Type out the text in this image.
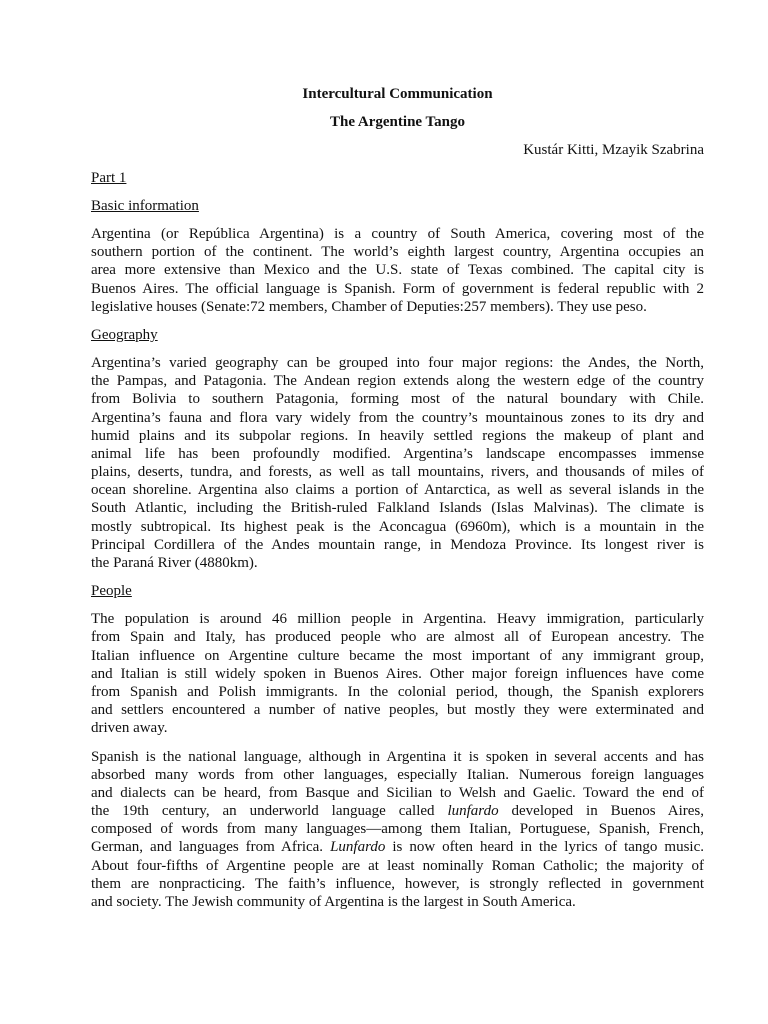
Intercultural Communication
The Argentine Tango
Kustár Kitti, Mzayik Szabrina
Part 1
Basic information
Argentina (or República Argentina) is a country of South America, covering most of the
southern portion of the continent. The world’s eighth largest country, Argentina occupies an
area more extensive than Mexico and the U.S. state of Texas combined. The capital city is
Buenos Aires. The official language is Spanish. Form of government is federal republic with 2
legislative houses (Senate:72 members, Chamber of Deputies:257 members). They use peso.
Geography
Argentina’s varied geography can be grouped into four major regions: the Andes, the North,
the Pampas, and Patagonia. The Andean region extends along the western edge of the country
from Bolivia to southern Patagonia, forming most of the natural boundary with Chile.
Argentina’s fauna and flora vary widely from the country’s mountainous zones to its dry and
humid plains and its subpolar regions. In heavily settled regions the makeup of plant and
animal life has been profoundly modified. Argentina’s landscape encompasses immense
plains, deserts, tundra, and forests, as well as tall mountains, rivers, and thousands of miles of
ocean shoreline. Argentina also claims a portion of Antarctica, as well as several islands in the
South Atlantic, including the British-ruled Falkland Islands (Islas Malvinas). The climate is
mostly subtropical. Its highest peak is the Aconcagua (6960m), which is a mountain in the
Principal Cordillera of the Andes mountain range, in Mendoza Province. Its longest river is
the Paraná River (4880km).
People
The population is around 46 million people in Argentina. Heavy immigration, particularly
from Spain and Italy, has produced people who are almost all of European ancestry. The
Italian influence on Argentine culture became the most important of any immigrant group,
and Italian is still widely spoken in Buenos Aires. Other major foreign influences have come
from Spanish and Polish immigrants. In the colonial period, though, the Spanish explorers
and settlers encountered a number of native peoples, but mostly they were exterminated and
driven away.
Spanish is the national language, although in Argentina it is spoken in several accents and has
absorbed many words from other languages, especially Italian. Numerous foreign languages
and dialects can be heard, from Basque and Sicilian to Welsh and Gaelic. Toward the end of
the 19th century, an underworld language called lunfardo developed in Buenos Aires,
composed of words from many languages—among them Italian, Portuguese, Spanish, French,
German, and languages from Africa. Lunfardo is now often heard in the lyrics of tango music.
About four-fifths of Argentine people are at least nominally Roman Catholic; the majority of
them are nonpracticing. The faith’s influence, however, is strongly reflected in government
and society. The Jewish community of Argentina is the largest in South America.
